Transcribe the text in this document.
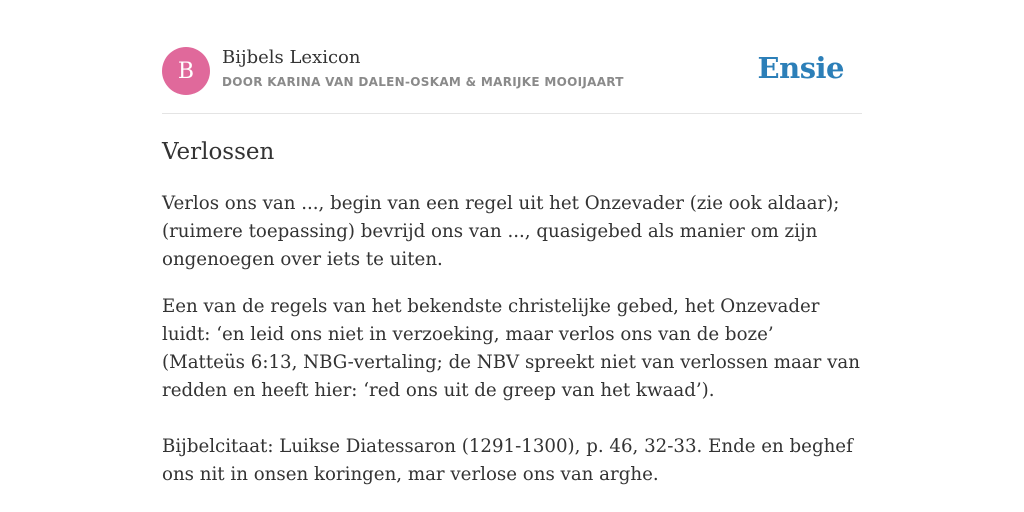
B
Bijbels Lexicon
DOOR KARINA VAN DALEN-OSKAM & MARIJKE MOOIJAART	Ensie
Verlossen

Verlos ons van ..., begin van een regel uit het Onzevader (zie ook aldaar); (ruimere toepassing) bevrijd ons van ..., quasigebed als manier om zijn ongenoegen over iets te uiten.

Een van de regels van het bekendste christelijke gebed, het Onzevader luidt: ‘en leid ons niet in verzoeking, maar verlos ons van de boze’ (Matteüs 6:13, NBG-vertaling; de NBV spreekt niet van verlossen maar van redden en heeft hier: ‘red ons uit de greep van het kwaad’).

Bijbelcitaat: Luikse Diatessaron (1291-1300), p. 46, 32-33. Ende en beghef ons nit in onsen koringen, mar verlose ons van arghe.
